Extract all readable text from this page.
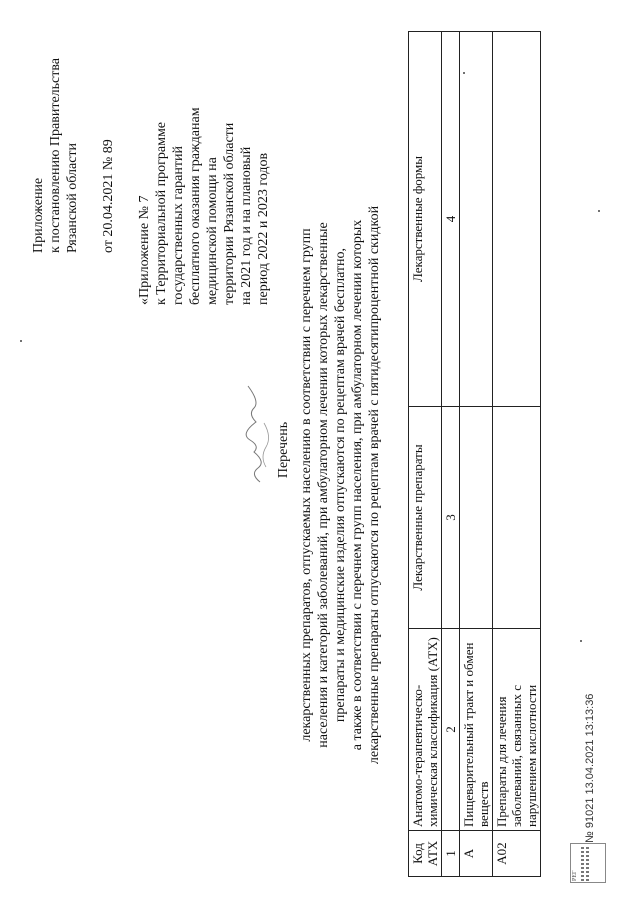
Приложение к постановлению Правительства Рязанской области от 20.04.2021 № 89 «Приложение № 7 к Территориальной программе государственных гарантий бесплатного оказания гражданам медицинской помощи на территории Рязанской области на 2021 год и на плановый период 2022 и 2023 годов
Перечень лекарственных препаратов, отпускаемых населению в соответствии с перечнем групп населения и категорий заболеваний, при амбулаторном лечении которых лекарственные препараты и медицинские изделия отпускаются по рецептам врачей бесплатно, а также в соответствии с перечнем групп населения, при амбулаторном лечении которых лекарственные препараты отпускаются по рецептам врачей с пятидесятипроцентной скидкой
Код АТХ	Анатомо-терапевтическо-химическая классификация (АТХ)	Лекарственные препараты	Лекарственные формы
1	2	3	4
A	Пищеварительный тракт и обмен веществ		
A02	Препараты для лечения заболеваний, связанных с нарушением кислотности		
РЕГ
№ 91021 13.04.2021 13:13:36
